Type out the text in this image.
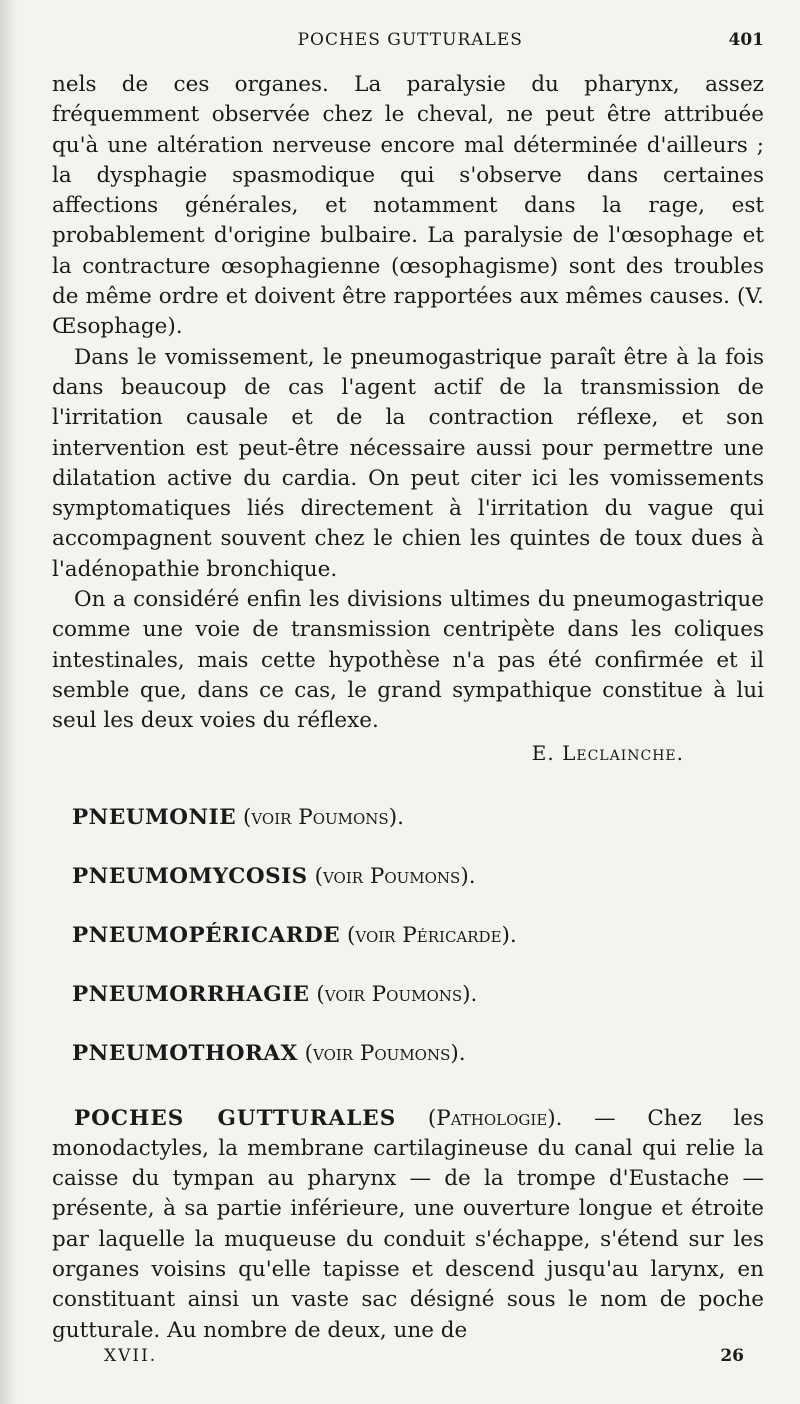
POCHES GUTTURALES	401

nels de ces organes. La paralysie du pharynx, assez fréquemment observée chez le cheval, ne peut être attribuée qu'à une altération nerveuse encore mal déterminée d'ailleurs ; la dysphagie spasmodique qui s'observe dans certaines affections générales, et notamment dans la rage, est probablement d'origine bulbaire. La paralysie de l'œsophage et la contracture œsophagienne (œsophagisme) sont des troubles de même ordre et doivent être rapportées aux mêmes causes. (V. Œsophage).

Dans le vomissement, le pneumogastrique paraît être à la fois dans beaucoup de cas l'agent actif de la transmission de l'irritation causale et de la contraction réflexe, et son intervention est peut-être nécessaire aussi pour permettre une dilatation active du cardia. On peut citer ici les vomissements symptomatiques liés directement à l'irritation du vague qui accompagnent souvent chez le chien les quintes de toux dues à l'adénopathie bronchique.

On a considéré enfin les divisions ultimes du pneumogastrique comme une voie de transmission centripète dans les coliques intestinales, mais cette hypothèse n'a pas été confirmée et il semble que, dans ce cas, le grand sympathique constitue à lui seul les deux voies du réflexe.

E. Leclainche.
PNEUMONIE (voir Poumons).
PNEUMOMYCOSIS (voir Poumons).
PNEUMOPÉRICARDE (voir Péricarde).
PNEUMORRHAGIE (voir Poumons).
PNEUMOTHORAX (voir Poumons).

POCHES GUTTURALES (Pathologie). — Chez les monodactyles, la membrane cartilagineuse du canal qui relie la caisse du tympan au pharynx — de la trompe d'Eustache — présente, à sa partie inférieure, une ouverture longue et étroite par laquelle la muqueuse du conduit s'échappe, s'étend sur les organes voisins qu'elle tapisse et descend jusqu'au larynx, en constituant ainsi un vaste sac désigné sous le nom de poche gutturale. Au nombre de deux, une de

XVII.	26
